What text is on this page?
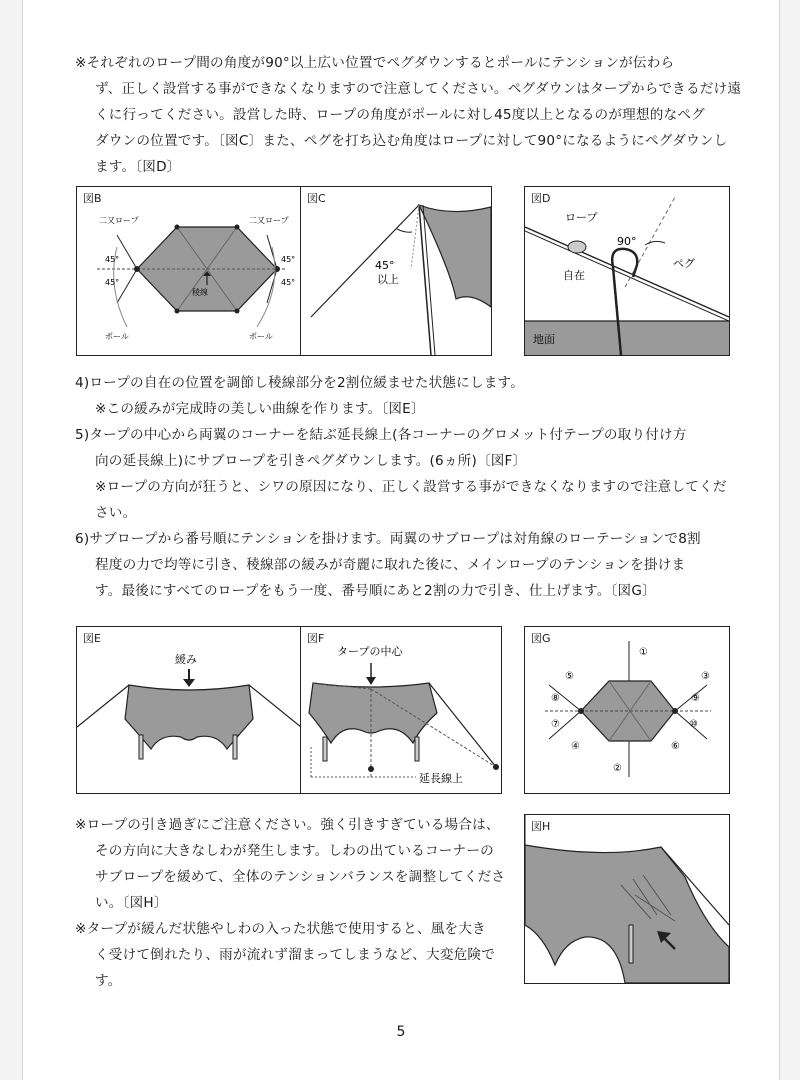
※それぞれのロープ間の角度が90°以上広い位置でペグダウンするとポールにテンションが伝わら
ず、正しく設営する事ができなくなりますので注意してください。ペグダウンはタープからできるだけ遠
くに行ってください。設営した時、ロープの角度がポールに対し45度以上となるのが理想的なペグ
ダウンの位置です。〔図C〕また、ペグを打ち込む角度はロープに対して90°になるようにペグダウンし
ます。〔図D〕
図B
二又ロープ	二又ロープ
45°
45°
45°
45°
稜線
ポール	ポール
図C
45°
以上
図D
ロープ
90°
自在
ペグ
地面
4)ロープの自在の位置を調節し稜線部分を2割位緩ませた状態にします。
※この緩みが完成時の美しい曲線を作ります。〔図E〕
5)タープの中心から両翼のコーナーを結ぶ延長線上(各コーナーのグロメット付テープの取り付け方
向の延長線上)にサブロープを引きペグダウンします。(6ヵ所)〔図F〕
※ロープの方向が狂うと、シワの原因になり、正しく設営する事ができなくなりますので注意してくだ
さい。
6)サブロープから番号順にテンションを掛けます。両翼のサブロープは対角線のローテーションで8割
程度の力で均等に引き、稜線部の緩みが奇麗に取れた後に、メインロープのテンションを掛けま
す。最後にすべてのロープをもう一度、番号順にあと2割の力で引き、仕上げます。〔図G〕
図E
緩み
図F
タープの中心
延長線上
図G
①
②
③
④
⑤
⑥
⑦
⑧	⑨
⑩
※ロープの引き過ぎにご注意ください。強く引きすぎている場合は、
その方向に大きなしわが発生します。しわの出ているコーナーの
サブロープを緩めて、全体のテンションバランスを調整してくださ
い。〔図H〕
※タープが緩んだ状態やしわの入った状態で使用すると、風を大き
く受けて倒れたり、雨が流れず溜まってしまうなど、大変危険で
す。
図H
5
